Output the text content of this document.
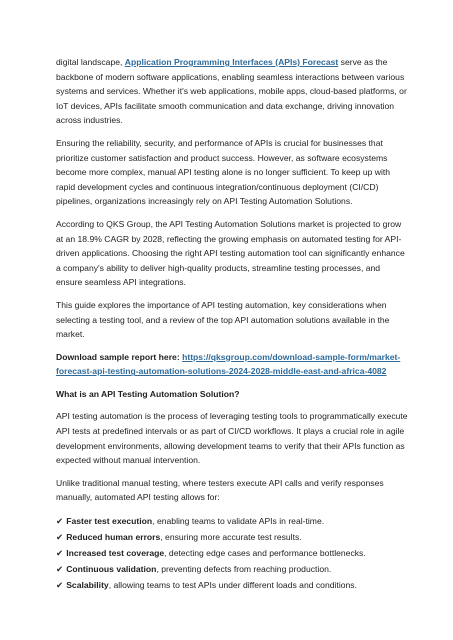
digital landscape, Application Programming Interfaces (APIs) Forecast serve as the backbone of modern software applications, enabling seamless interactions between various systems and services. Whether it's web applications, mobile apps, cloud-based platforms, or IoT devices, APIs facilitate smooth communication and data exchange, driving innovation across industries.

Ensuring the reliability, security, and performance of APIs is crucial for businesses that prioritize customer satisfaction and product success. However, as software ecosystems become more complex, manual API testing alone is no longer sufficient. To keep up with rapid development cycles and continuous integration/continuous deployment (CI/CD) pipelines, organizations increasingly rely on API Testing Automation Solutions.

According to QKS Group, the API Testing Automation Solutions market is projected to grow at an 18.9% CAGR by 2028, reflecting the growing emphasis on automated testing for API-driven applications. Choosing the right API testing automation tool can significantly enhance a company's ability to deliver high-quality products, streamline testing processes, and ensure seamless API integrations.

This guide explores the importance of API testing automation, key considerations when selecting a testing tool, and a review of the top API automation solutions available in the market.

Download sample report here: https://qksgroup.com/download-sample-form/market-forecast-api-testing-automation-solutions-2024-2028-middle-east-and-africa-4082

What is an API Testing Automation Solution?

API testing automation is the process of leveraging testing tools to programmatically execute API tests at predefined intervals or as part of CI/CD workflows. It plays a crucial role in agile development environments, allowing development teams to verify that their APIs function as expected without manual intervention.

Unlike traditional manual testing, where testers execute API calls and verify responses manually, automated API testing allows for:

✔ Faster test execution, enabling teams to validate APIs in real-time.
✔ Reduced human errors, ensuring more accurate test results.
✔ Increased test coverage, detecting edge cases and performance bottlenecks.
✔ Continuous validation, preventing defects from reaching production.
✔ Scalability, allowing teams to test APIs under different loads and conditions.
